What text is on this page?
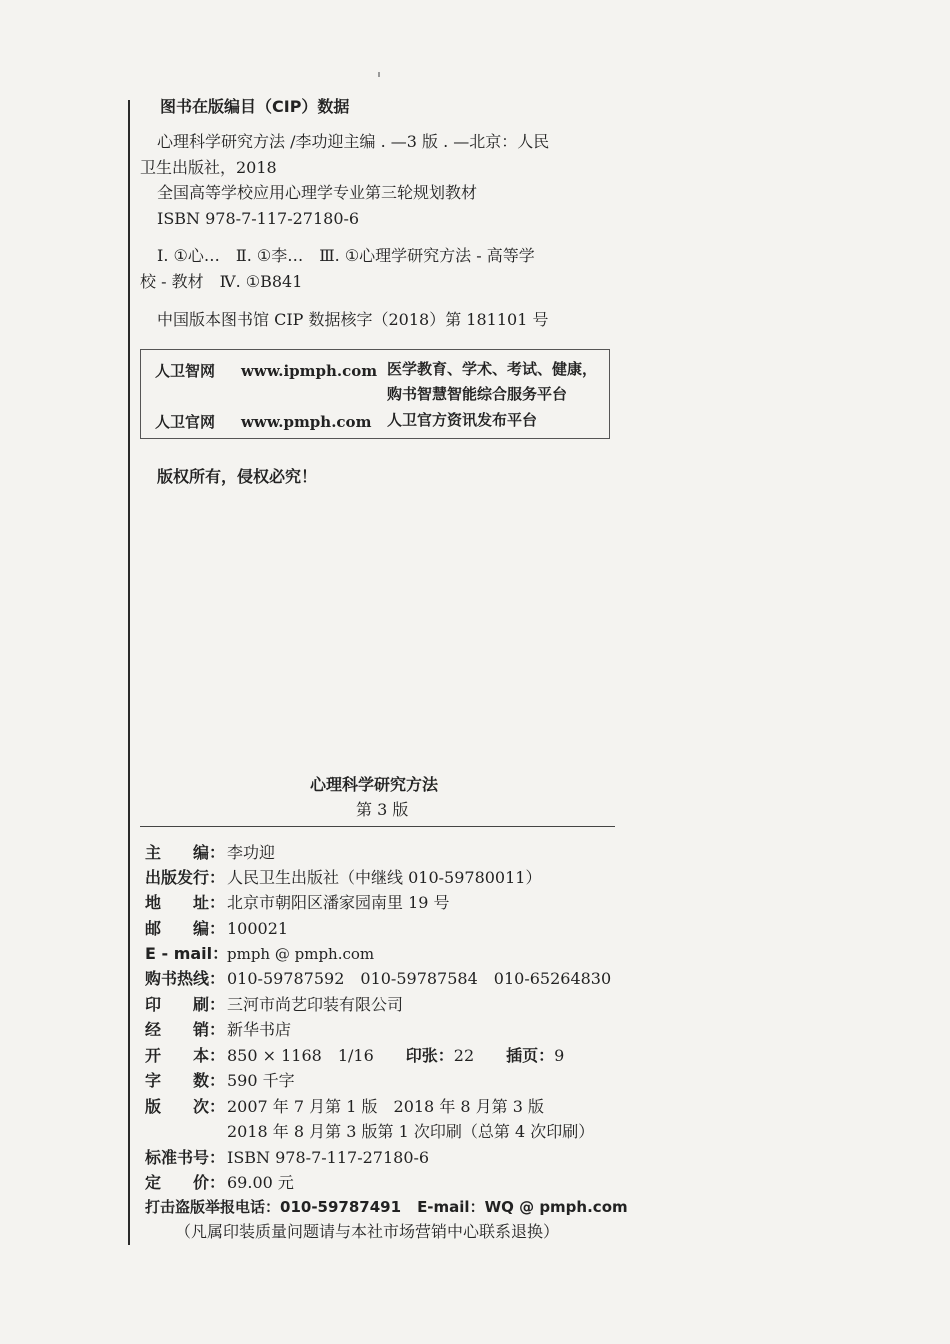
图书在版编目（CIP）数据
心理科学研究方法 /李功迎主编 . —3 版 . —北京：人民
卫生出版社，2018
全国高等学校应用心理学专业第三轮规划教材
ISBN 978-7-117-27180-6
Ⅰ. ①心…　Ⅱ. ①李…　Ⅲ. ①心理学研究方法 - 高等学
校 - 教材　Ⅳ. ①B841
中国版本图书馆 CIP 数据核字（2018）第 181101 号
人卫智网 www.ipmph.com 医学教育、学术、考试、健康，
购书智慧智能综合服务平台
人卫官网 www.pmph.com 人卫官方资讯发布平台
版权所有，侵权必究！
心理科学研究方法
第 3 版
主　　编： 李功迎
出版发行： 人民卫生出版社（中继线 010-59780011）
地　　址： 北京市朝阳区潘家园南里 19 号
邮　　编： 100021
E - mail：pmph @ pmph.com
购书热线： 010-59787592 010-59787584 010-65264830
印　　刷： 三河市尚艺印装有限公司
经　　销： 新华书店
开　　本： 850 × 1168　1/16 印张：22 插页：9
字　　数： 590 千字
版　　次： 2007 年 7 月第 1 版　2018 年 8 月第 3 版
2018 年 8 月第 3 版第 1 次印刷（总第 4 次印刷）
标准书号： ISBN 978-7-117-27180-6
定　　价： 69.00 元
打击盗版举报电话：010-59787491 E-mail：WQ @ pmph.com
（凡属印装质量问题请与本社市场营销中心联系退换）
